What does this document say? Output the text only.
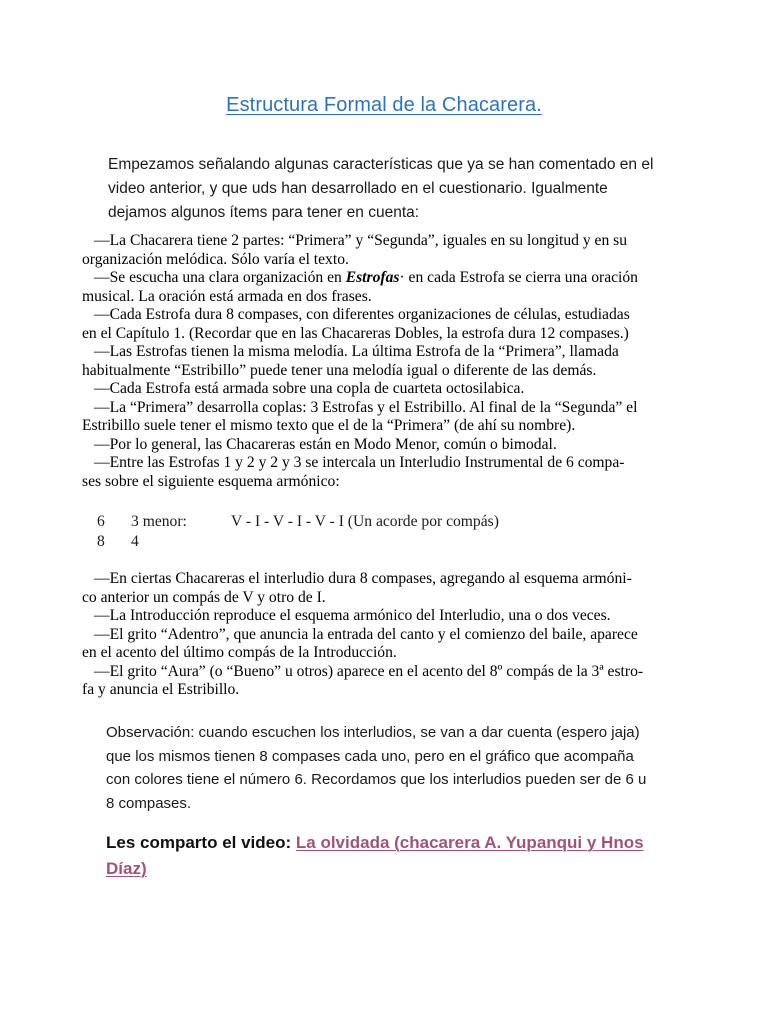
Estructura Formal de la Chacarera.

Empezamos señalando algunas características que ya se han comentado en el
video anterior, y que uds han desarrollado en el cuestionario. Igualmente
dejamos algunos ítems para tener en cuenta:

—La Chacarera tiene 2 partes: “Primera” y “Segunda”, iguales en su longitud y en su
organización melódica. Sólo varía el texto.
—Se escucha una clara organización en Estrofas· en cada Estrofa se cierra una oración
musical. La oración está armada en dos frases.
—Cada Estrofa dura 8 compases, con diferentes organizaciones de células, estudiadas
en el Capítulo 1. (Recordar que en las Chacareras Dobles, la estrofa dura 12 compases.)
—Las Estrofas tienen la misma melodía. La última Estrofa de la “Primera”, llamada
habitualmente “Estribillo” puede tener una melodía igual o diferente de las demás.
—Cada Estrofa está armada sobre una copla de cuarteta octosilabica.
—La “Primera” desarrolla coplas: 3 Estrofas y el Estribillo. Al final de la “Segunda” el
Estribillo suele tener el mismo texto que el de la “Primera” (de ahí su nombre).
—Por lo general, las Chacareras están en Modo Menor, común o bimodal.
—Entre las Estrofas 1 y 2 y 2 y 3 se intercala un Interludio Instrumental de 6 compa-
ses sobre el siguiente esquema armónico:
6	3 menor:	V - I - V - I - V - I (Un acorde por compás)
8	4
—En ciertas Chacareras el interludio dura 8 compases, agregando al esquema armóni-
co anterior un compás de V y otro de I.
—La Introducción reproduce el esquema armónico del Interludio, una o dos veces.
—El grito “Adentro”, que anuncia la entrada del canto y el comienzo del baile, aparece
en el acento del último compás de la Introducción.
—El grito “Aura” (o “Bueno” u otros) aparece en el acento del 8º compás de la 3ª estro-
fa y anuncia el Estribillo.

Observación: cuando escuchen los interludios, se van a dar cuenta (espero jaja)
que los mismos tienen 8 compases cada uno, pero en el gráfico que acompaña
con colores tiene el número 6. Recordamos que los interludios pueden ser de 6 u
8 compases.

Les comparto el video: La olvidada (chacarera A. Yupanqui y Hnos
Díaz)
